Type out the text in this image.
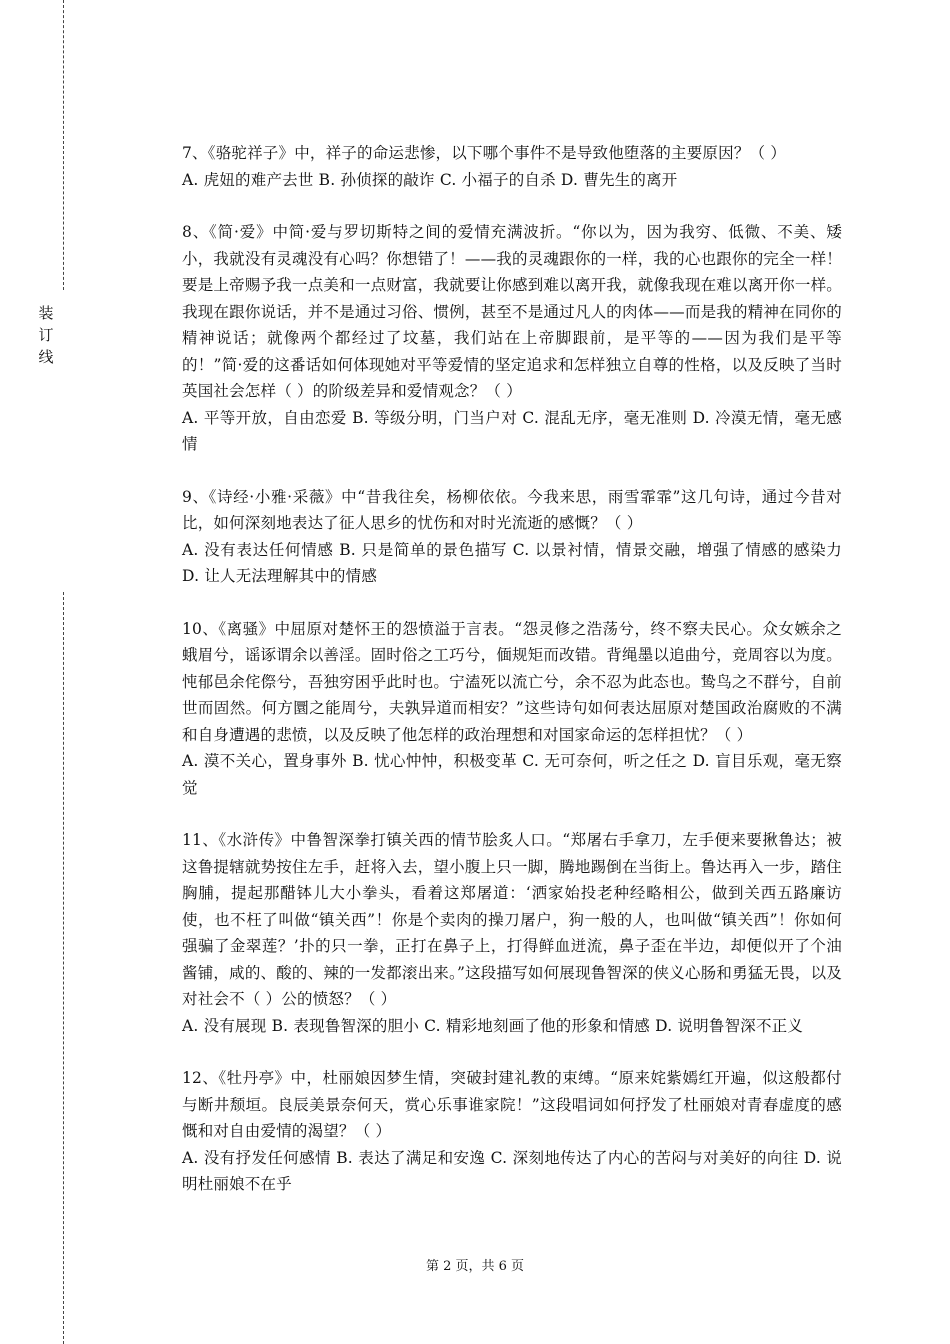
装
订
线

7、《骆驼祥子》中，祥子的命运悲惨，以下哪个事件不是导致他堕落的主要原因？（ ）

A. 虎妞的难产去世 B. 孙侦探的敲诈 C. 小福子的自杀 D. 曹先生的离开

8、《简·爱》中简·爱与罗切斯特之间的爱情充满波折。“你以为，因为我穷、低微、不美、矮小，我就没有灵魂没有心吗？你想错了！——我的灵魂跟你的一样，我的心也跟你的完全一样！要是上帝赐予我一点美和一点财富，我就要让你感到难以离开我，就像我现在难以离开你一样。我现在跟你说话，并不是通过习俗、惯例，甚至不是通过凡人的肉体——而是我的精神在同你的精神说话；就像两个都经过了坟墓，我们站在上帝脚跟前，是平等的——因为我们是平等的！”简·爱的这番话如何体现她对平等爱情的坚定追求和怎样独立自尊的性格，以及反映了当时英国社会怎样（ ）的阶级差异和爱情观念？（ ）

A. 平等开放，自由恋爱 B. 等级分明，门当户对 C. 混乱无序，毫无准则 D. 冷漠无情，毫无感情

9、《诗经·小雅·采薇》中“昔我往矣，杨柳依依。今我来思，雨雪霏霏”这几句诗，通过今昔对比，如何深刻地表达了征人思乡的忧伤和对时光流逝的感慨？（ ）

A. 没有表达任何情感 B. 只是简单的景色描写 C. 以景衬情，情景交融，增强了情感的感染力 D. 让人无法理解其中的情感

10、《离骚》中屈原对楚怀王的怨愤溢于言表。“怨灵修之浩荡兮，终不察夫民心。众女嫉余之蛾眉兮，谣诼谓余以善淫。固时俗之工巧兮，偭规矩而改错。背绳墨以追曲兮，竞周容以为度。忳郁邑余侘傺兮，吾独穷困乎此时也。宁溘死以流亡兮，余不忍为此态也。鸷鸟之不群兮，自前世而固然。何方圜之能周兮，夫孰异道而相安？”这些诗句如何表达屈原对楚国政治腐败的不满和自身遭遇的悲愤，以及反映了他怎样的政治理想和对国家命运的怎样担忧？（ ）

A. 漠不关心，置身事外 B. 忧心忡忡，积极变革 C. 无可奈何，听之任之 D. 盲目乐观，毫无察觉

11、《水浒传》中鲁智深拳打镇关西的情节脍炙人口。“郑屠右手拿刀，左手便来要揪鲁达；被这鲁提辖就势按住左手，赶将入去，望小腹上只一脚，腾地踢倒在当街上。鲁达再入一步，踏住胸脯，提起那醋钵儿大小拳头，看着这郑屠道：‘洒家始投老种经略相公，做到关西五路廉访使，也不枉了叫做“镇关西”！你是个卖肉的操刀屠户，狗一般的人，也叫做“镇关西”！你如何强骗了金翠莲？’扑的只一拳，正打在鼻子上，打得鲜血迸流，鼻子歪在半边，却便似开了个油酱铺，咸的、酸的、辣的一发都滚出来。”这段描写如何展现鲁智深的侠义心肠和勇猛无畏，以及对社会不（ ）公的愤怒？（ ）

A. 没有展现 B. 表现鲁智深的胆小 C. 精彩地刻画了他的形象和情感 D. 说明鲁智深不正义

12、《牡丹亭》中，杜丽娘因梦生情，突破封建礼教的束缚。“原来姹紫嫣红开遍，似这般都付与断井颓垣。良辰美景奈何天，赏心乐事谁家院！”这段唱词如何抒发了杜丽娘对青春虚度的感慨和对自由爱情的渴望？（ ）

A. 没有抒发任何感情 B. 表达了满足和安逸 C. 深刻地传达了内心的苦闷与对美好的向往 D. 说明杜丽娘不在乎

第 2 页，共 6 页
